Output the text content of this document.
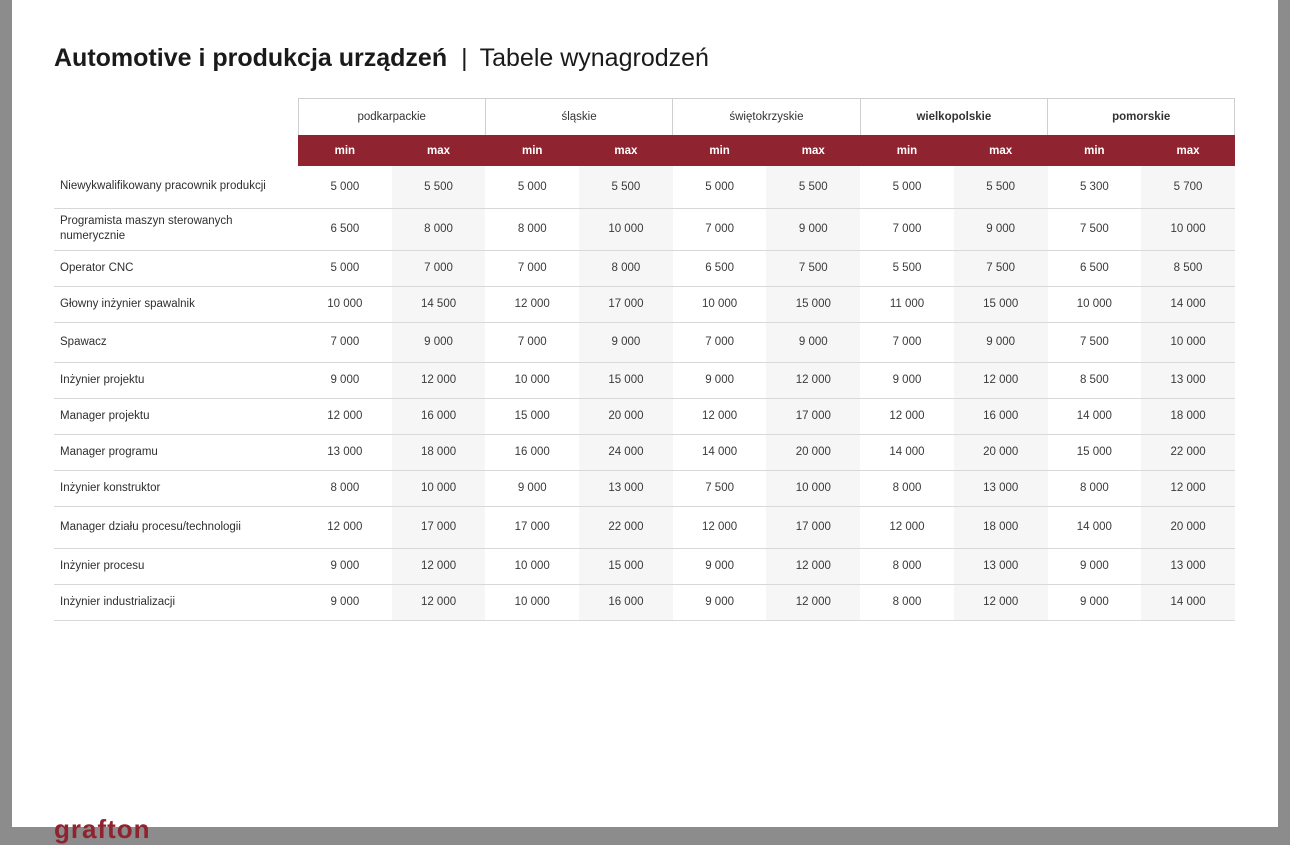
Automotive i produkcja urządzeń | Tabele wynagrodzeń
	podkarpackie		śląskie		świętokrzyskie		wielkopolskie		pomorskie	
	min	max	min	max	min	max	min	max	min	max
Niewykwalifikowany pracownik produkcji	5 000	5 500	5 000	5 500	5 000	5 500	5 000	5 500	5 300	5 700
Programista maszyn sterowanych numerycznie	6 500	8 000	8 000	10 000	7 000	9 000	7 000	9 000	7 500	10 000
Operator CNC	5 000	7 000	7 000	8 000	6 500	7 500	5 500	7 500	6 500	8 500
Głowny inżynier spawalnik	10 000	14 500	12 000	17 000	10 000	15 000	11 000	15 000	10 000	14 000
Spawacz	7 000	9 000	7 000	9 000	7 000	9 000	7 000	9 000	7 500	10 000
Inżynier projektu	9 000	12 000	10 000	15 000	9 000	12 000	9 000	12 000	8 500	13 000
Manager projektu	12 000	16 000	15 000	20 000	12 000	17 000	12 000	16 000	14 000	18 000
Manager programu	13 000	18 000	16 000	24 000	14 000	20 000	14 000	20 000	15 000	22 000
Inżynier konstruktor	8 000	10 000	9 000	13 000	7 500	10 000	8 000	13 000	8 000	12 000
Manager działu procesu/technologii	12 000	17 000	17 000	22 000	12 000	17 000	12 000	18 000	14 000	20 000
Inżynier procesu	9 000	12 000	10 000	15 000	9 000	12 000	8 000	13 000	9 000	13 000
Inżynier industrializacji	9 000	12 000	10 000	16 000	9 000	12 000	8 000	12 000	9 000	14 000
grafton
